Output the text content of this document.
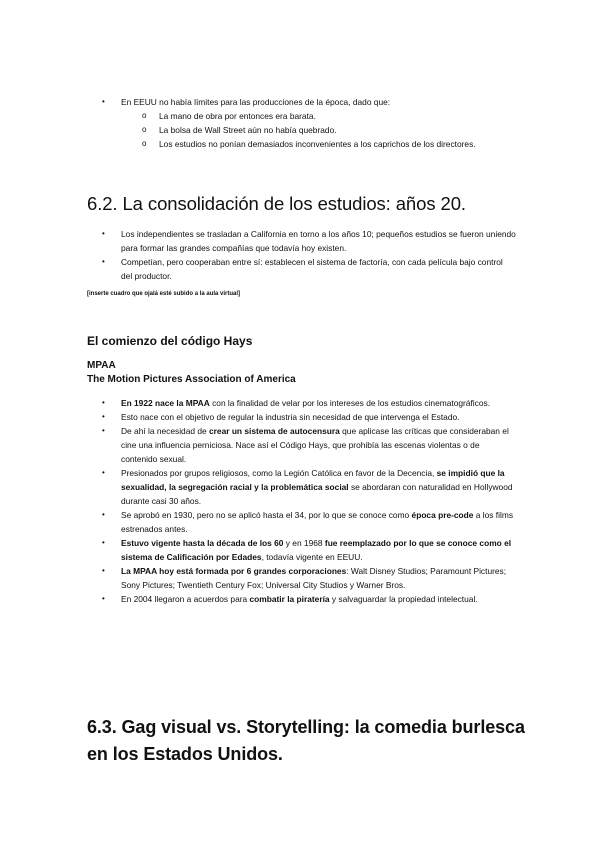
• En EEUU no había límites para las producciones de la época, dado que:
o La mano de obra por entonces era barata.
o La bolsa de Wall Street aún no había quebrado.
o Los estudios no ponían demasiados inconvenientes a los caprichos de los directores.
6.2. La consolidación de los estudios: años 20.
• Los independientes se trasladan a California en torno a los años 10; pequeños estudios se fueron uniendo para formar las grandes compañías que todavía hoy existen.
• Competían, pero cooperaban entre sí: establecen el sistema de factoría, con cada película bajo control del productor.
[inserte cuadro que ojalá esté subido a la aula virtual]
El comienzo del código Hays
MPAA
The Motion Pictures Association of America
• En 1922 nace la MPAA con la finalidad de velar por los intereses de los estudios cinematográficos.
• Esto nace con el objetivo de regular la industria sin necesidad de que intervenga el Estado.
• De ahí la necesidad de crear un sistema de autocensura que aplicase las críticas que consideraban el cine una influencia perniciosa. Nace así el Código Hays, que prohibía las escenas violentas o de contenido sexual.
• Presionados por grupos religiosos, como la Legión Católica en favor de la Decencia, se impidió que la sexualidad, la segregación racial y la problemática social se abordaran con naturalidad en Hollywood durante casi 30 años.
• Se aprobó en 1930, pero no se aplicó hasta el 34, por lo que se conoce como época pre-code a los films estrenados antes.
• Estuvo vigente hasta la década de los 60 y en 1968 fue reemplazado por lo que se conoce como el sistema de Calificación por Edades, todavía vigente en EEUU.
• La MPAA hoy está formada por 6 grandes corporaciones: Walt Disney Studios; Paramount Pictures; Sony Pictures; Twentieth Century Fox; Universal City Studios y Warner Bros.
• En 2004 llegaron a acuerdos para combatir la piratería y salvaguardar la propiedad intelectual.
6.3. Gag visual vs. Storytelling: la comedia burlesca en los Estados Unidos.
